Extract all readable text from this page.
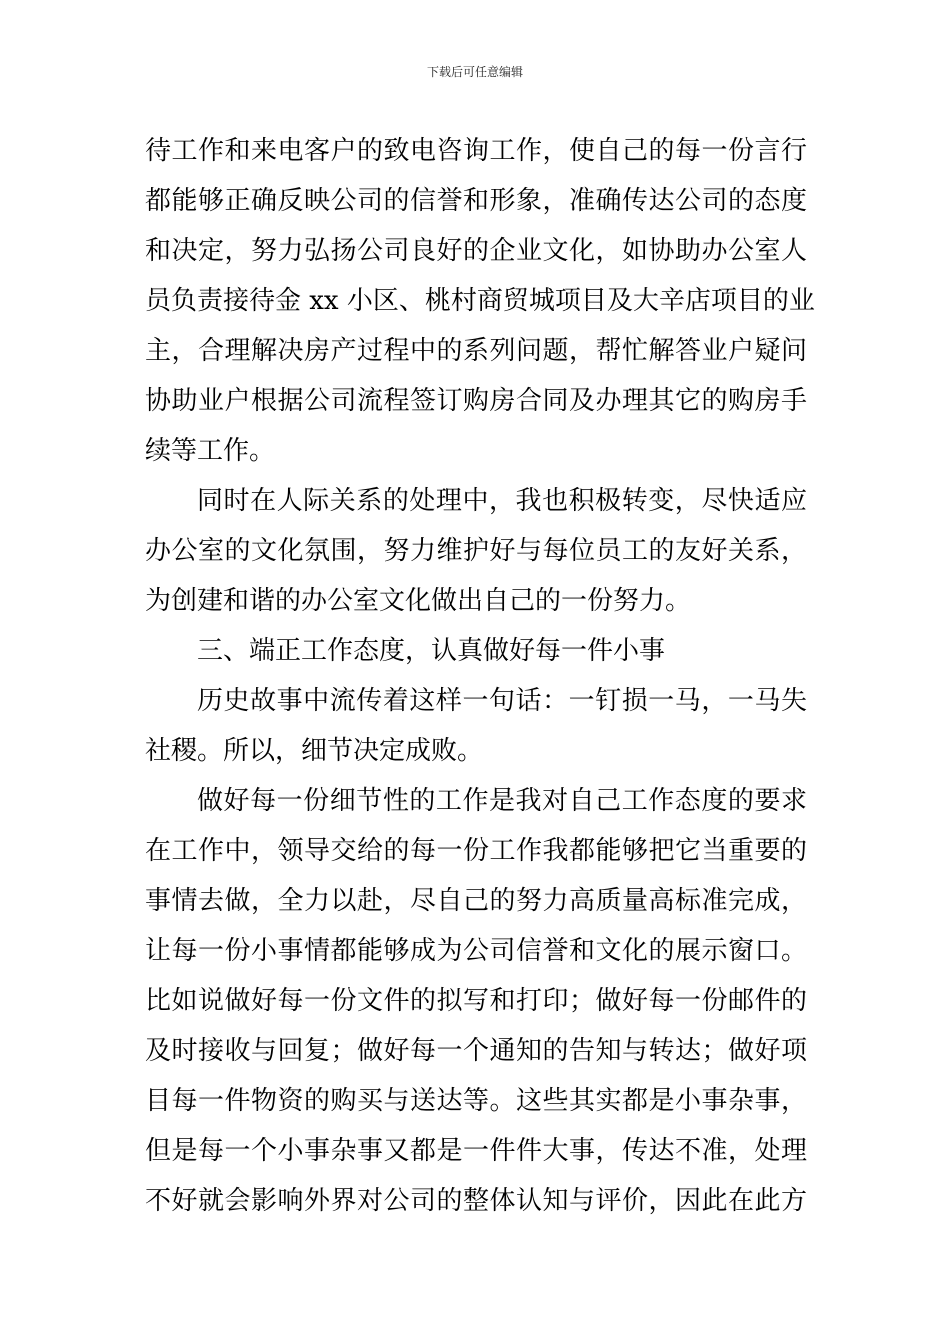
下载后可任意编辑
待工作和来电客户的致电咨询工作，使自己的每一份言行
都能够正确反映公司的信誉和形象，准确传达公司的态度
和决定，努力弘扬公司良好的企业文化，如协助办公室人
员负责接待金 xx 小区、桃村商贸城项目及大辛店项目的业
主，合理解决房产过程中的系列问题，帮忙解答业户疑问
协助业户根据公司流程签订购房合同及办理其它的购房手
续等工作。
同时在人际关系的处理中，我也积极转变，尽快适应
办公室的文化氛围，努力维护好与每位员工的友好关系，
为创建和谐的办公室文化做出自己的一份努力。
三、端正工作态度，认真做好每一件小事
历史故事中流传着这样一句话：一钉损一马，一马失
社稷。所以，细节决定成败。
做好每一份细节性的工作是我对自己工作态度的要求
在工作中，领导交给的每一份工作我都能够把它当重要的
事情去做，全力以赴，尽自己的努力高质量高标准完成，
让每一份小事情都能够成为公司信誉和文化的展示窗口。
比如说做好每一份文件的拟写和打印；做好每一份邮件的
及时接收与回复；做好每一个通知的告知与转达；做好项
目每一件物资的购买与送达等。这些其实都是小事杂事，
但是每一个小事杂事又都是一件件大事，传达不准，处理
不好就会影响外界对公司的整体认知与评价，因此在此方
